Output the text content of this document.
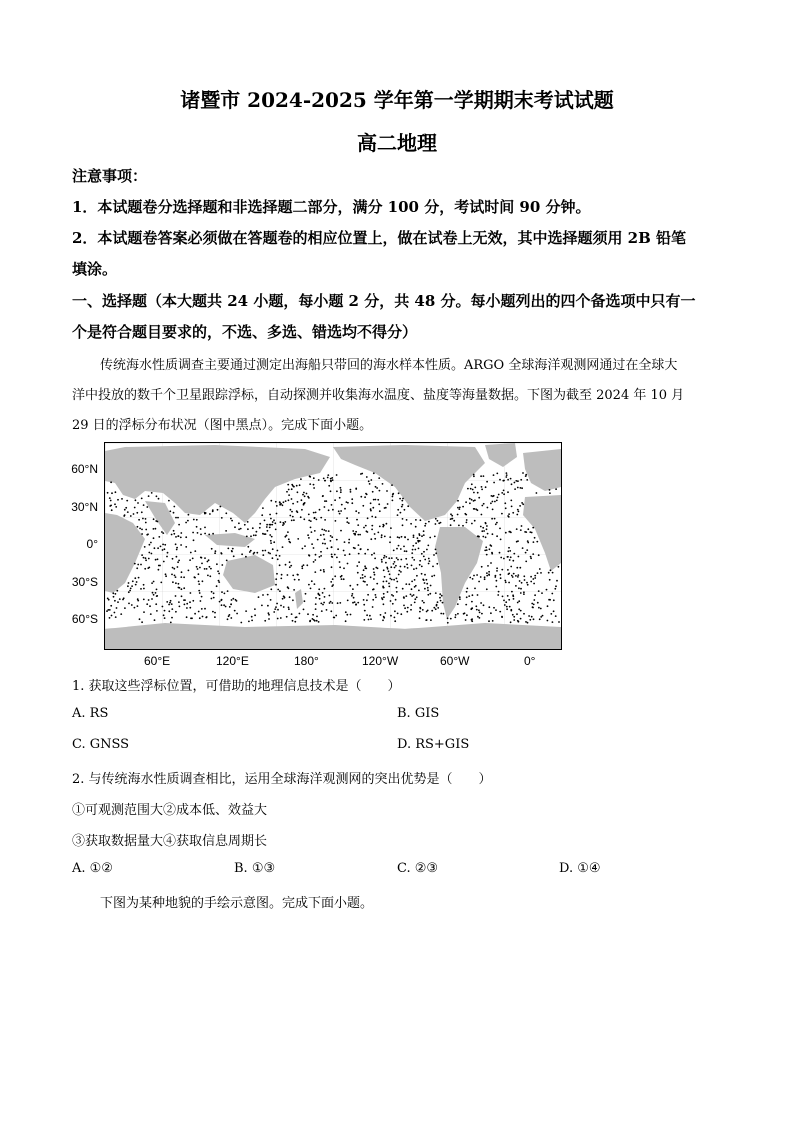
诸暨市 2024-2025 学年第一学期期末考试试题
高二地理
注意事项：
1．本试题卷分选择题和非选择题二部分，满分 100 分，考试时间 90 分钟。
2．本试题卷答案必须做在答题卷的相应位置上，做在试卷上无效，其中选择题须用 2B 铅笔
填涂。
一、选择题（本大题共 24 小题，每小题 2 分，共 48 分。每小题列出的四个备选项中只有一
个是符合题目要求的，不选、多选、错选均不得分）
传统海水性质调查主要通过测定出海船只带回的海水样本性质。ARGO 全球海洋观测网通过在全球大
洋中投放的数千个卫星跟踪浮标，自动探测并收集海水温度、盐度等海量数据。下图为截至 2024 年 10 月
29 日的浮标分布状况（图中黑点）。完成下面小题。
60°N
30°N
0°
30°S
60°S
60°E	120°E	180°	120°W	60°W	0°
1. 获取这些浮标位置，可借助的地理信息技术是（　　）
A. RS	B. GIS
C. GNSS	D. RS+GIS
2. 与传统海水性质调查相比，运用全球海洋观测网的突出优势是（　　）
①可观测范围大②成本低、效益大
③获取数据量大④获取信息周期长
A. ①②	B. ①③	C. ②③	D. ①④
下图为某种地貌的手绘示意图。完成下面小题。
